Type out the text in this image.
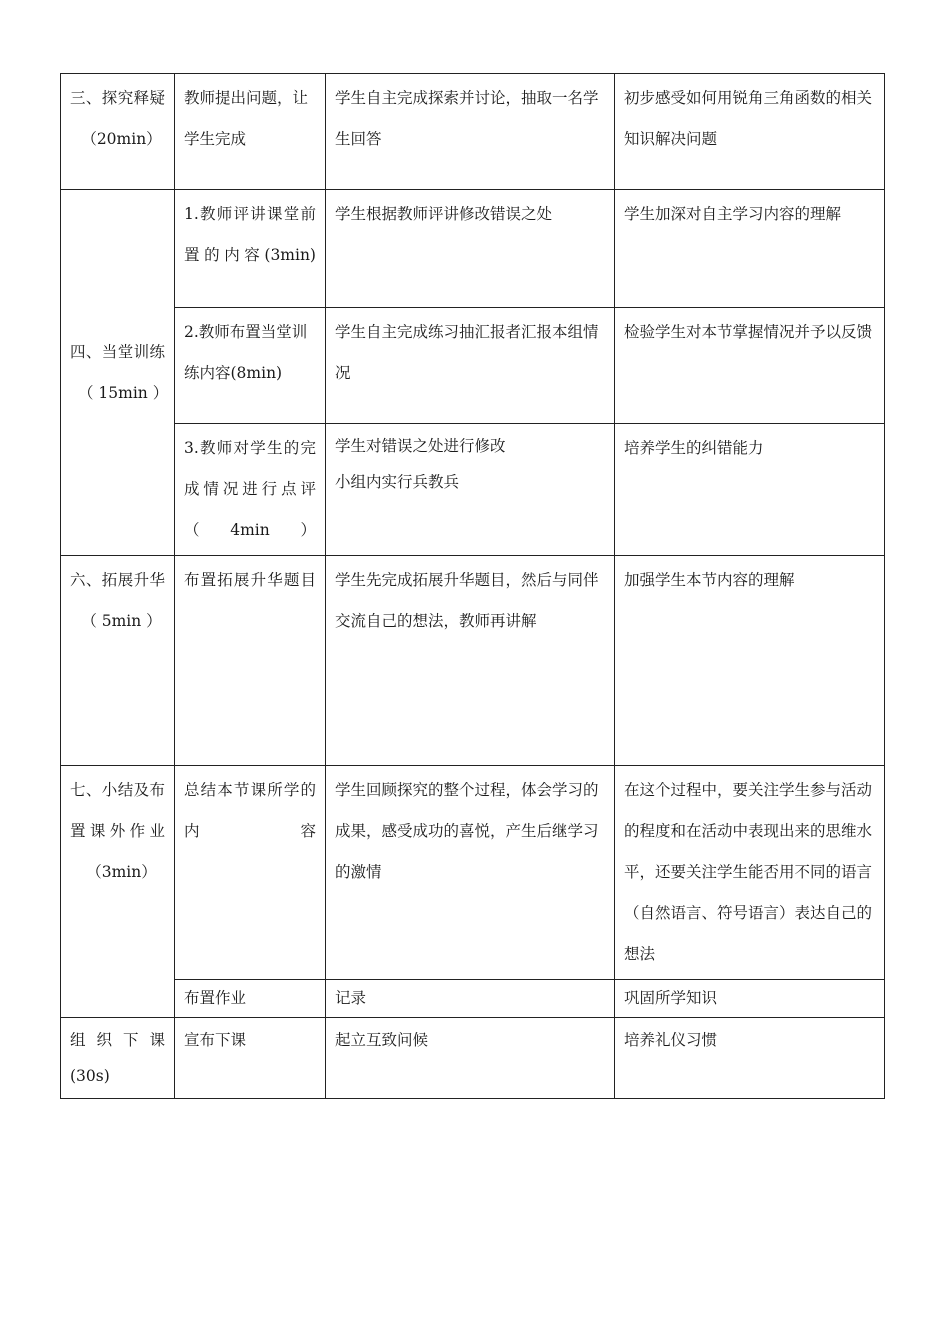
三、探究释疑
（20min）	教师提出问题，让学生完成	学生自主完成探索并讨论，抽取一名学生回答	初步感受如何用锐角三角函数的相关知识解决问题

四、当堂训练
（ 15min ）	1.教师评讲课堂前置的内容(3min)	学生根据教师评讲修改错误之处	学生加深对自主学习内容的理解

	2.教师布置当堂训练内容(8min)	学生自主完成练习抽汇报者汇报本组情况	检验学生对本节掌握情况并予以反馈

	3.教师对学生的完成情况进行点评（4min）	学生对错误之处进行修改
小组内实行兵教兵	培养学生的纠错能力

六、拓展升华
（ 5min ）	布置拓展升华题目	学生先完成拓展升华题目，然后与同伴交流自己的想法，教师再讲解	加强学生本节内容的理解

七、小结及布置课外作业
（3min）	总结本节课所学的内容	学生回顾探究的整个过程，体会学习的成果，感受成功的喜悦，产生后继学习的激情	在这个过程中，要关注学生参与活动的程度和在活动中表现出来的思维水平，还要关注学生能否用不同的语言（自然语言、符号语言）表达自己的想法

	布置作业	记录	巩固所学知识

组织下课
(30s)	宣布下课	起立互致问候	培养礼仪习惯
